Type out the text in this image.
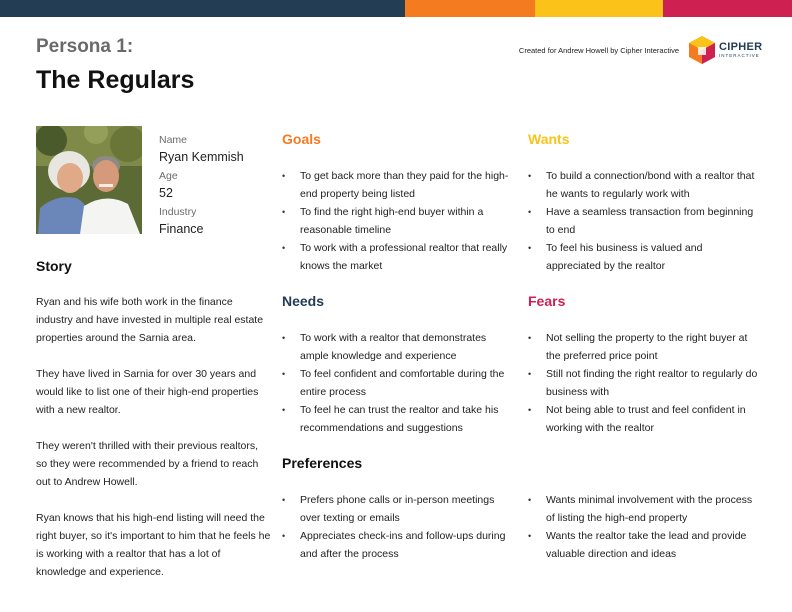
Persona 1:
The Regulars
Created for Andrew Howell by Cipher Interactive	CIPHER
INTERACTIVE
Name
Ryan Kemmish
Age
52
Industry
Finance
Story

Ryan and his wife both work in the finance industry and have invested in multiple real estate properties around the Sarnia area.

They have lived in Sarnia for over 30 years and would like to list one of their high-end properties with a new realtor.

They weren't thrilled with their previous realtors, so they were recommended by a friend to reach out to Andrew Howell.

Ryan knows that his high-end listing will need the right buyer, so it's important to him that he feels he is working with a realtor that has a lot of knowledge and experience.

Goals
• To get back more than they paid for the high-end property being listed
• To find the right high-end buyer within a reasonable timeline
• To work with a professional realtor that really knows the market
Needs
• To work with a realtor that demonstrates ample knowledge and experience
• To feel confident and comfortable during the entire process
• To feel he can trust the realtor and take his recommendations and suggestions
Preferences
• Prefers phone calls or in-person meetings over texting or emails
• Appreciates check-ins and follow-ups during and after the process
• Wants minimal involvement with the process of listing the high-end property
• Wants the realtor take the lead and provide valuable direction and ideas
Wants
• To build a connection/bond with a realtor that he wants to regularly work with
• Have a seamless transaction from beginning to end
• To feel his business is valued and appreciated by the realtor
Fears
• Not selling the property to the right buyer at the preferred price point
• Still not finding the right realtor to regularly do business with
• Not being able to trust and feel confident in working with the realtor
